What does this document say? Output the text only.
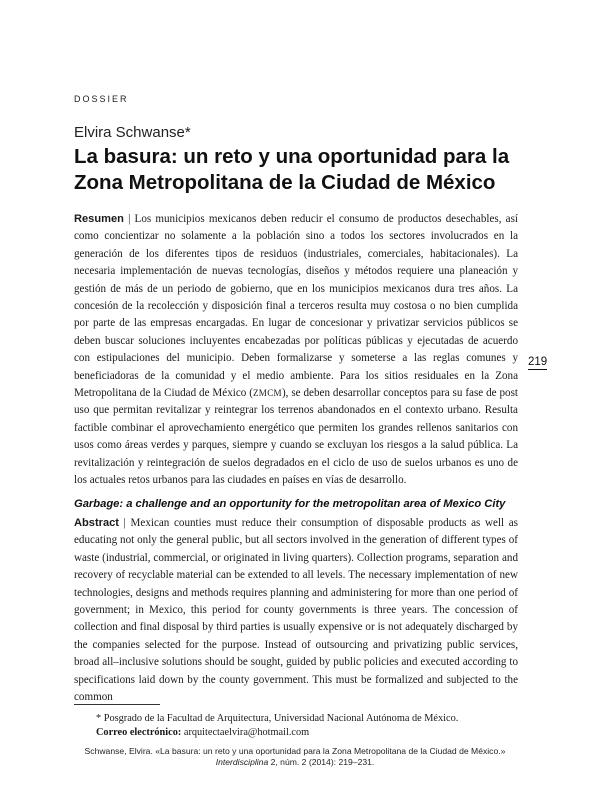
DOSSIER
Elvira Schwanse*
La basura: un reto y una oportunidad para la Zona Metropolitana de la Ciudad de México
Resumen | Los municipios mexicanos deben reducir el consumo de productos desechables, así como concientizar no solamente a la población sino a todos los sectores involucrados en la generación de los diferentes tipos de residuos (industriales, comerciales, habitacionales). La necesaria implementación de nuevas tecnologías, diseños y métodos requiere una planeación y gestión de más de un periodo de gobierno, que en los municipios mexicanos dura tres años. La concesión de la recolección y disposición final a terceros resulta muy costosa o no bien cumplida por parte de las empresas encargadas. En lugar de concesionar y privatizar servicios públicos se deben buscar soluciones incluyentes encabezadas por políticas públicas y ejecutadas de acuerdo con estipulaciones del municipio. Deben formalizarse y someterse a las reglas comunes y beneficiadoras de la comunidad y el medio ambiente. Para los sitios residuales en la Zona Metropolitana de la Ciudad de México (ZMCM), se deben desarrollar conceptos para su fase de post uso que permitan revitalizar y reintegrar los terrenos abandonados en el contexto urbano. Resulta factible combinar el aprovechamiento energético que permiten los grandes rellenos sanitarios con usos como áreas verdes y parques, siempre y cuando se excluyan los riesgos a la salud pública. La revitalización y reintegración de suelos degradados en el ciclo de uso de suelos urbanos es uno de los actuales retos urbanos para las ciudades en países en vías de desarrollo.
219
Garbage: a challenge and an opportunity for the metropolitan area of Mexico City
Abstract | Mexican counties must reduce their consumption of disposable products as well as educating not only the general public, but all sectors involved in the generation of different types of waste (industrial, commercial, or originated in living quarters). Collection programs, separation and recovery of recyclable material can be extended to all levels. The necessary implementation of new technologies, designs and methods requires planning and administering for more than one period of government; in Mexico, this period for county governments is three years. The concession of collection and final disposal by third parties is usually expensive or is not adequately discharged by the companies selected for the purpose. Instead of outsourcing and privatizing public services, broad all–inclusive solutions should be sought, guided by public policies and executed according to specifications laid down by the county government. This must be formalized and subjected to the common
* Posgrado de la Facultad de Arquitectura, Universidad Nacional Autónoma de México.
Correo electrónico: arquitectaelvira@hotmail.com
Schwanse, Elvira. «La basura: un reto y una oportunidad para la Zona Metropolitana de la Ciudad de México.»
Interdisciplina 2, núm. 2 (2014): 219–231.
